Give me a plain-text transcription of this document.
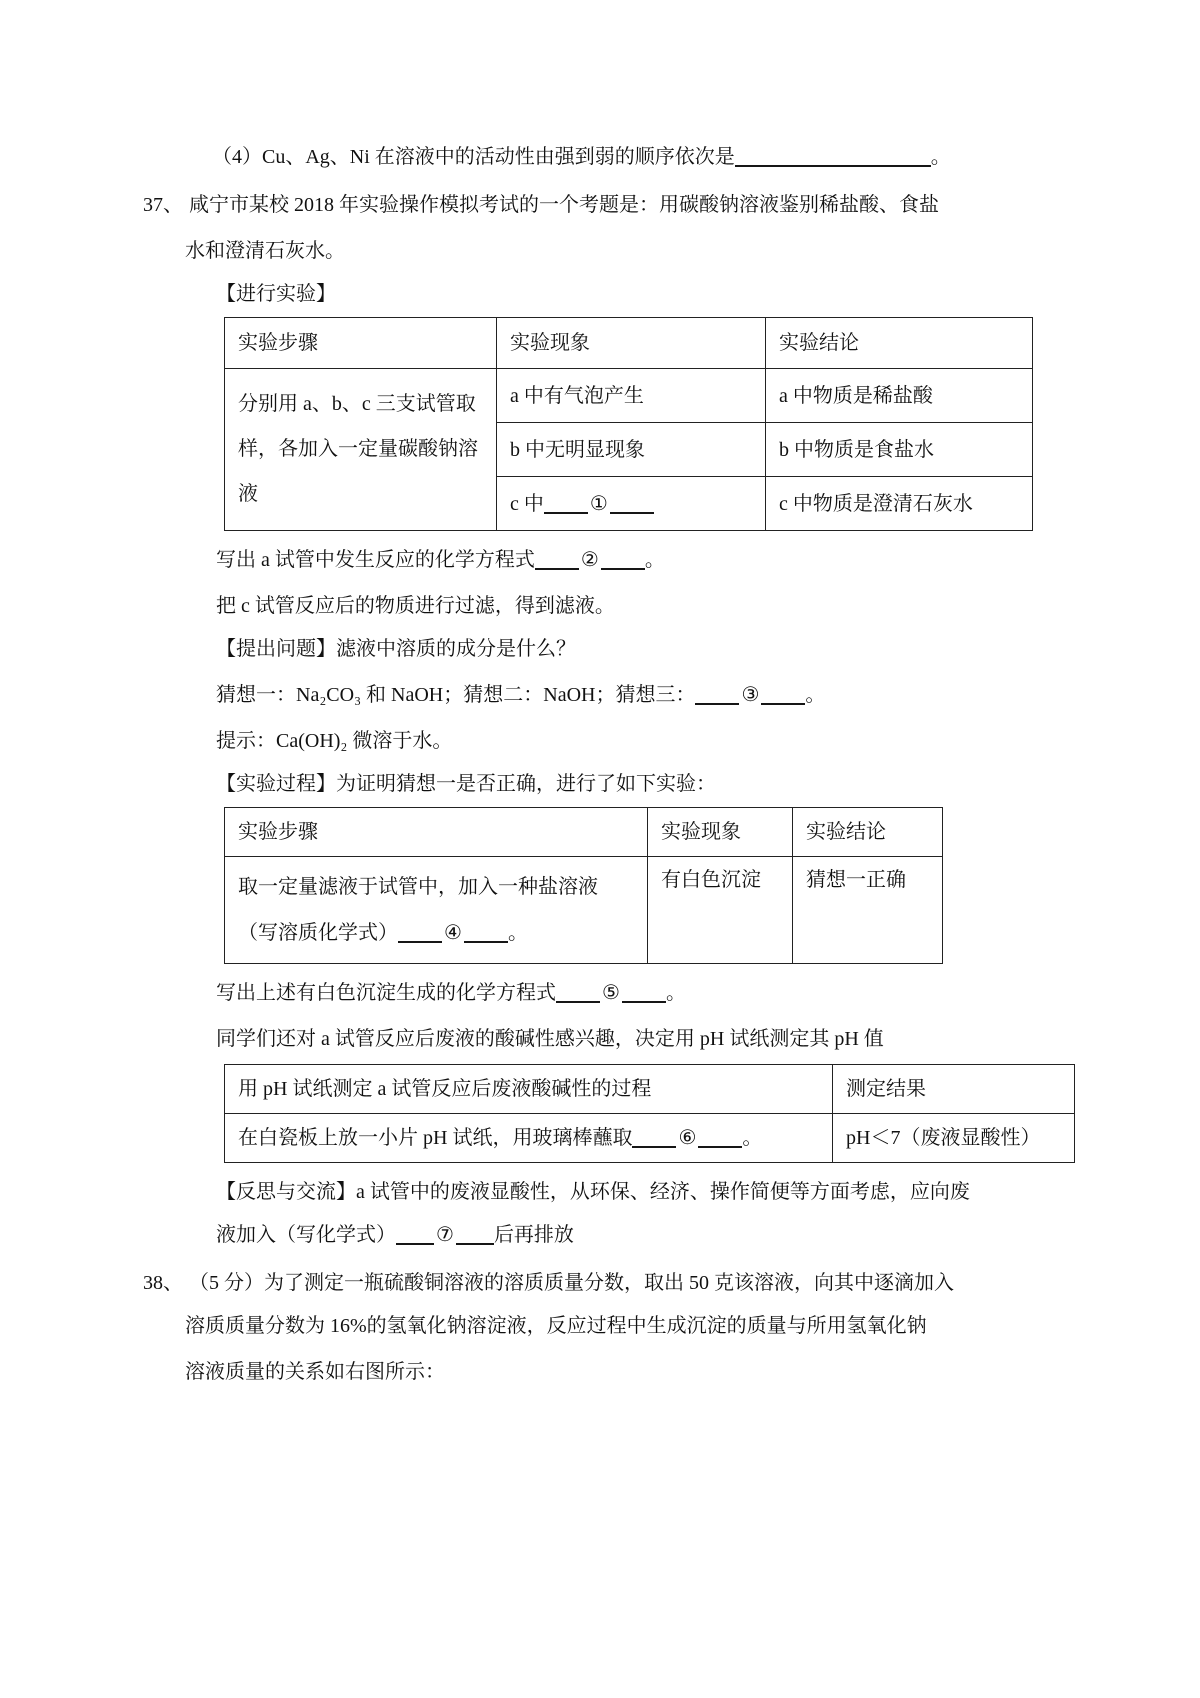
（4）Cu、Ag、Ni 在溶液中的活动性由强到弱的顺序依次是	。

37、 咸宁市某校 2018 年实验操作模拟考试的一个考题是：用碳酸钠溶液鉴别稀盐酸、食盐

水和澄清石灰水。

【进行实验】

实验步骤	实验现象	实验结论
分别用 a、b、c 三支试管取样，各加入一定量碳酸钠溶液	a 中有气泡产生	a 中物质是稀盐酸
	b 中无明显现象	b 中物质是食盐水
	c 中 ①	c 中物质是澄清石灰水

写出 a 试管中发生反应的化学方程式 ② 。

把 c 试管反应后的物质进行过滤，得到滤液。

【提出问题】滤液中溶质的成分是什么？

猜想一：Na₂CO₃ 和 NaOH；猜想二：NaOH；猜想三： ③ 。

提示：Ca(OH)₂ 微溶于水。

【实验过程】为证明猜想一是否正确，进行了如下实验：

实验步骤	实验现象	实验结论

取一定量滤液于试管中，加入一种盐溶液
（写溶质化学式） ④ 。	有白色沉淀	猜想一正确

写出上述有白色沉淀生成的化学方程式 ⑤ 。

同学们还对 a 试管反应后废液的酸碱性感兴趣，决定用 pH 试纸测定其 pH 值

用 pH 试纸测定 a 试管反应后废液酸碱性的过程	测定结果
在白瓷板上放一小片 pH 试纸，用玻璃棒蘸取 ⑥ 。	pH＜7（废液显酸性）

【反思与交流】a 试管中的废液显酸性，从环保、经济、操作简便等方面考虑，应向废

液加入（写化学式） ⑦ 后再排放

38、 （5 分）为了测定一瓶硫酸铜溶液的溶质质量分数，取出 50 克该溶液，向其中逐滴加入

溶质质量分数为 16%的氢氧化钠溶淀液，反应过程中生成沉淀的质量与所用氢氧化钠

溶液质量的关系如右图所示：
